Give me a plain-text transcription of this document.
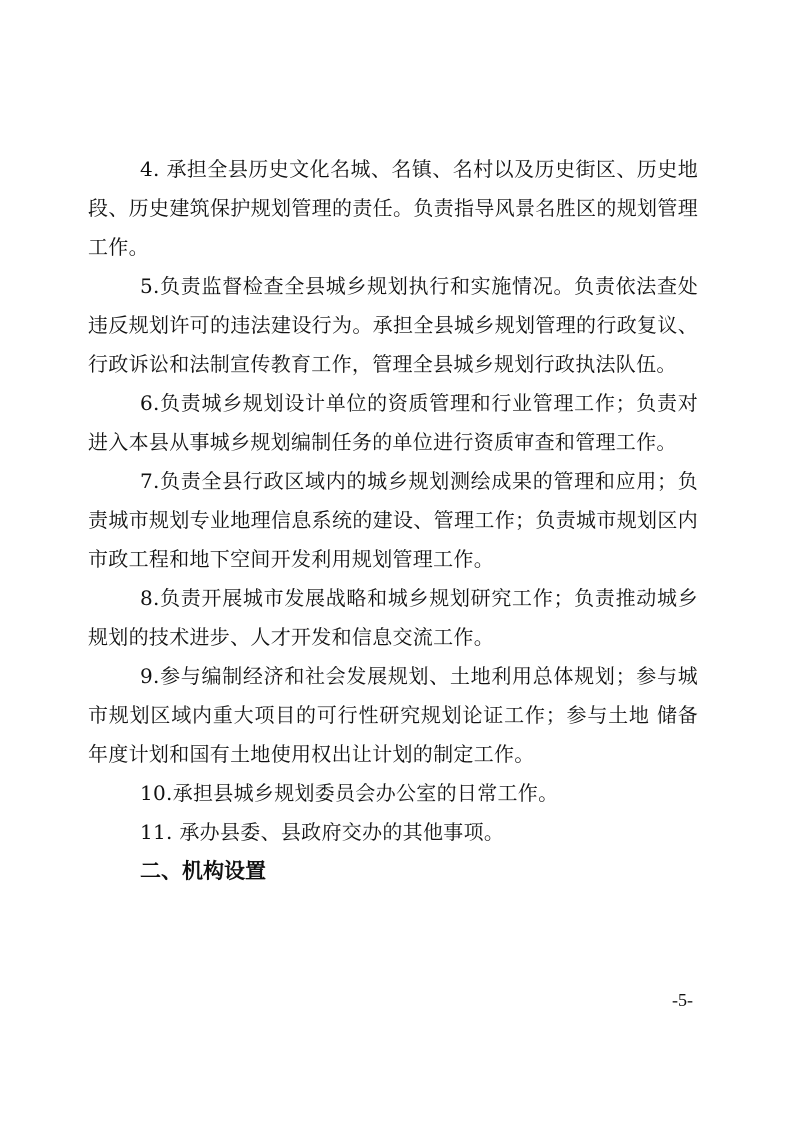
4. 承担全县历史文化名城、名镇、名村以及历史街区、历史地段、历史建筑保护规划管理的责任。负责指导风景名胜区的规划管理工作。

5.负责监督检查全县城乡规划执行和实施情况。负责依法查处违反规划许可的违法建设行为。承担全县城乡规划管理的行政复议、行政诉讼和法制宣传教育工作，管理全县城乡规划行政执法队伍。

6.负责城乡规划设计单位的资质管理和行业管理工作；负责对进入本县从事城乡规划编制任务的单位进行资质审查和管理工作。

7.负责全县行政区域内的城乡规划测绘成果的管理和应用；负责城市规划专业地理信息系统的建设、管理工作；负责城市规划区内市政工程和地下空间开发利用规划管理工作。

8.负责开展城市发展战略和城乡规划研究工作；负责推动城乡规划的技术进步、人才开发和信息交流工作。

9.参与编制经济和社会发展规划、土地利用总体规划；参与城市规划区域内重大项目的可行性研究规划论证工作；参与土地 储备年度计划和国有土地使用权出让计划的制定工作。

10.承担县城乡规划委员会办公室的日常工作。

11. 承办县委、县政府交办的其他事项。

二、机构设置

-5-
